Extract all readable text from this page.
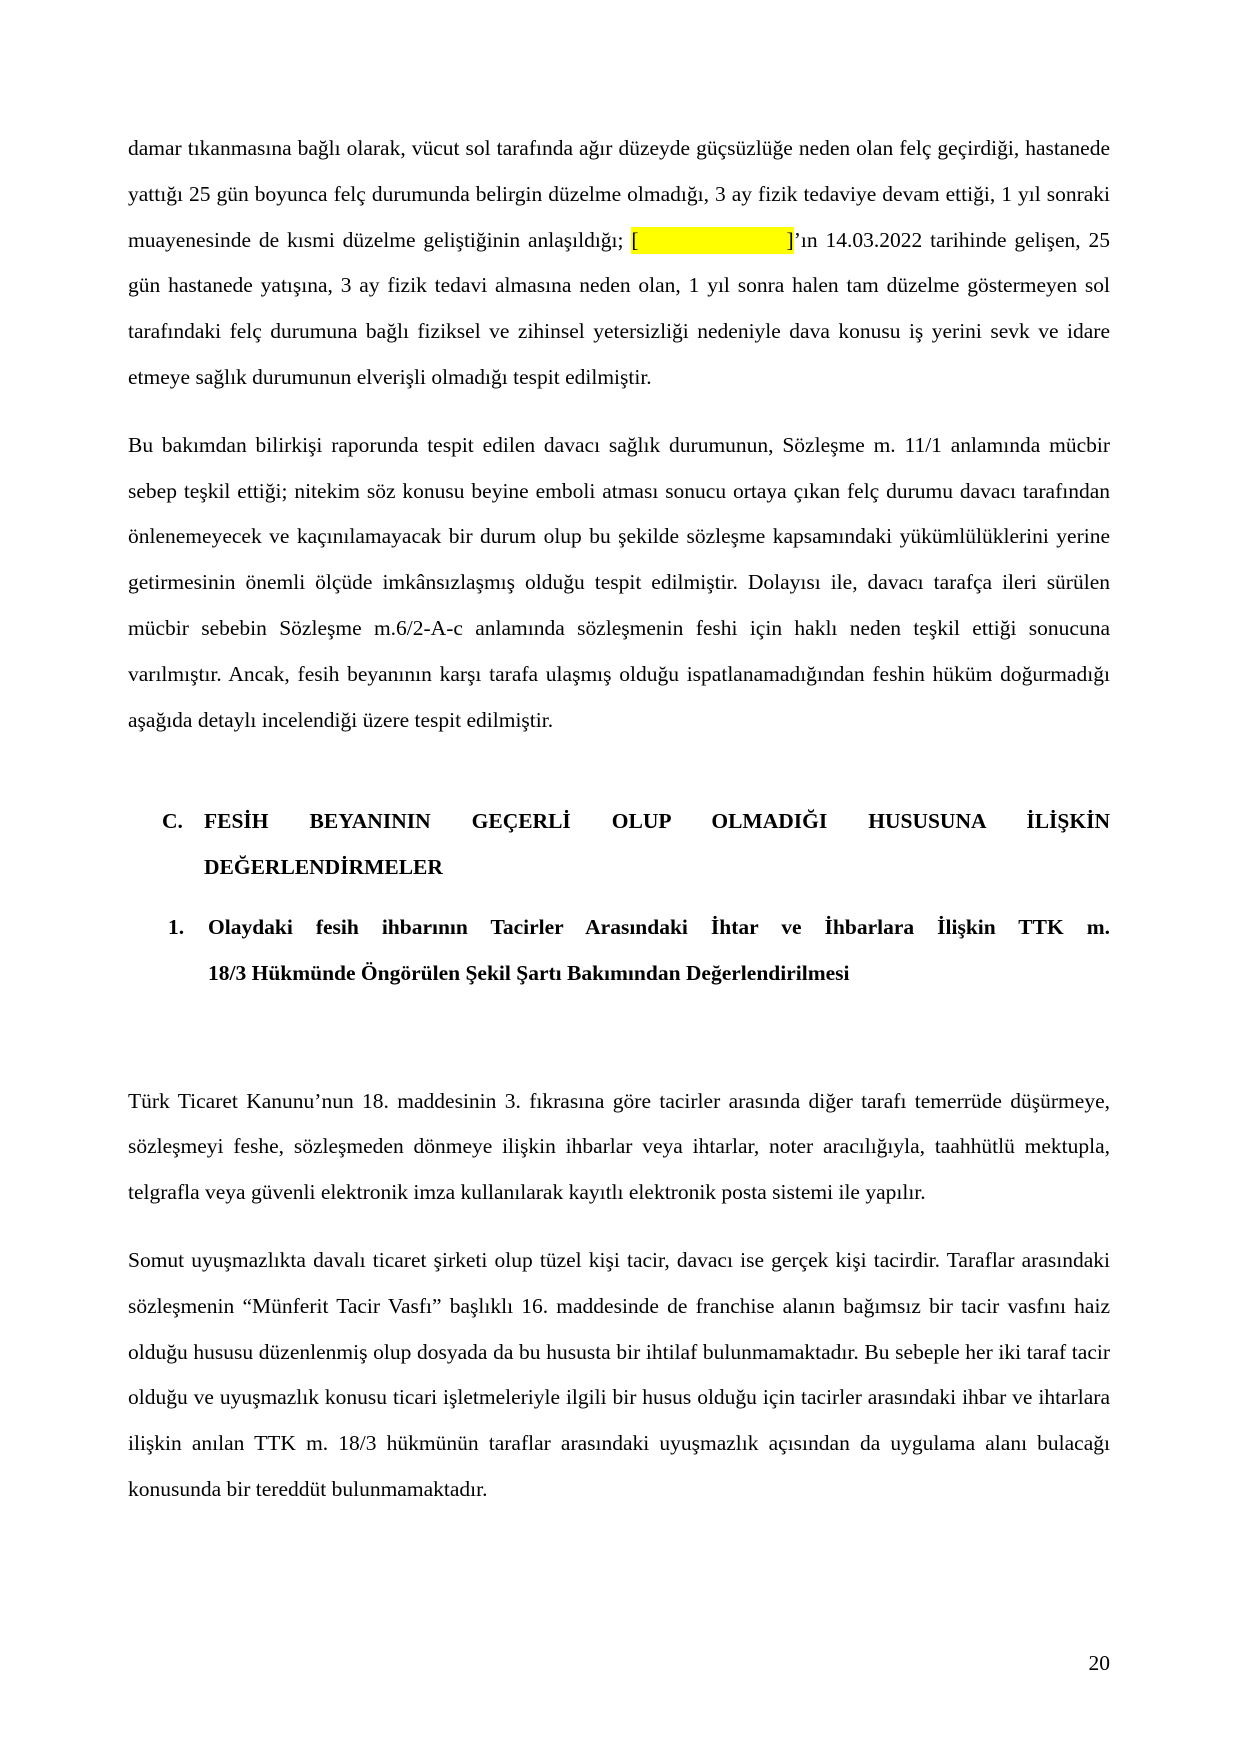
damar tıkanmasına bağlı olarak, vücut sol tarafında ağır düzeyde güçsüzlüğe neden olan felç geçirdiği, hastanede yattığı 25 gün boyunca felç durumunda belirgin düzelme olmadığı, 3 ay fizik tedaviye devam ettiği, 1 yıl sonraki muayenesinde de kısmi düzelme geliştiğinin anlaşıldığı; [	]’ın 14.03.2022 tarihinde gelişen, 25 gün hastanede yatışına, 3 ay fizik tedavi almasına neden olan, 1 yıl sonra halen tam düzelme göstermeyen sol tarafındaki felç durumuna bağlı fiziksel ve zihinsel yetersizliği nedeniyle dava konusu iş yerini sevk ve idare etmeye sağlık durumunun elverişli olmadığı tespit edilmiştir.

Bu bakımdan bilirkişi raporunda tespit edilen davacı sağlık durumunun, Sözleşme m. 11/1 anlamında mücbir sebep teşkil ettiği; nitekim söz konusu beyine emboli atması sonucu ortaya çıkan felç durumu davacı tarafından önlenemeyecek ve kaçınılamayacak bir durum olup bu şekilde sözleşme kapsamındaki yükümlülüklerini yerine getirmesinin önemli ölçüde imkânsızlaşmış olduğu tespit edilmiştir. Dolayısı ile, davacı tarafça ileri sürülen mücbir sebebin Sözleşme m.6/2-A-c anlamında sözleşmenin feshi için haklı neden teşkil ettiği sonucuna varılmıştır. Ancak, fesih beyanının karşı tarafa ulaşmış olduğu ispatlanamadığından feshin hüküm doğurmadığı aşağıda detaylı incelendiği üzere tespit edilmiştir.

C. FESİH BEYANININ GEÇERLİ OLUP OLMADIĞI HUSUSUNA İLİŞKİN
DEĞERLENDİRMELER
1.	Olaydaki fesih ihbarının Tacirler Arasındaki İhtar ve İhbarlara İlişkin TTK m.
18/3 Hükmünde Öngörülen Şekil Şartı Bakımından Değerlendirilmesi

Türk Ticaret Kanunu’nun 18. maddesinin 3. fıkrasına göre tacirler arasında diğer tarafı temerrüde düşürmeye, sözleşmeyi feshe, sözleşmeden dönmeye ilişkin ihbarlar veya ihtarlar, noter aracılığıyla, taahhütlü mektupla, telgrafla veya güvenli elektronik imza kullanılarak kayıtlı elektronik posta sistemi ile yapılır.

Somut uyuşmazlıkta davalı ticaret şirketi olup tüzel kişi tacir, davacı ise gerçek kişi tacirdir. Taraflar arasındaki sözleşmenin “Münferit Tacir Vasfı” başlıklı 16. maddesinde de franchise alanın bağımsız bir tacir vasfını haiz olduğu hususu düzenlenmiş olup dosyada da bu hususta bir ihtilaf bulunmamaktadır. Bu sebeple her iki taraf tacir olduğu ve uyuşmazlık konusu ticari işletmeleriyle ilgili bir husus olduğu için tacirler arasındaki ihbar ve ihtarlara ilişkin anılan TTK m. 18/3 hükmünün taraflar arasındaki uyuşmazlık açısından da uygulama alanı bulacağı konusunda bir tereddüt bulunmamaktadır.

20
